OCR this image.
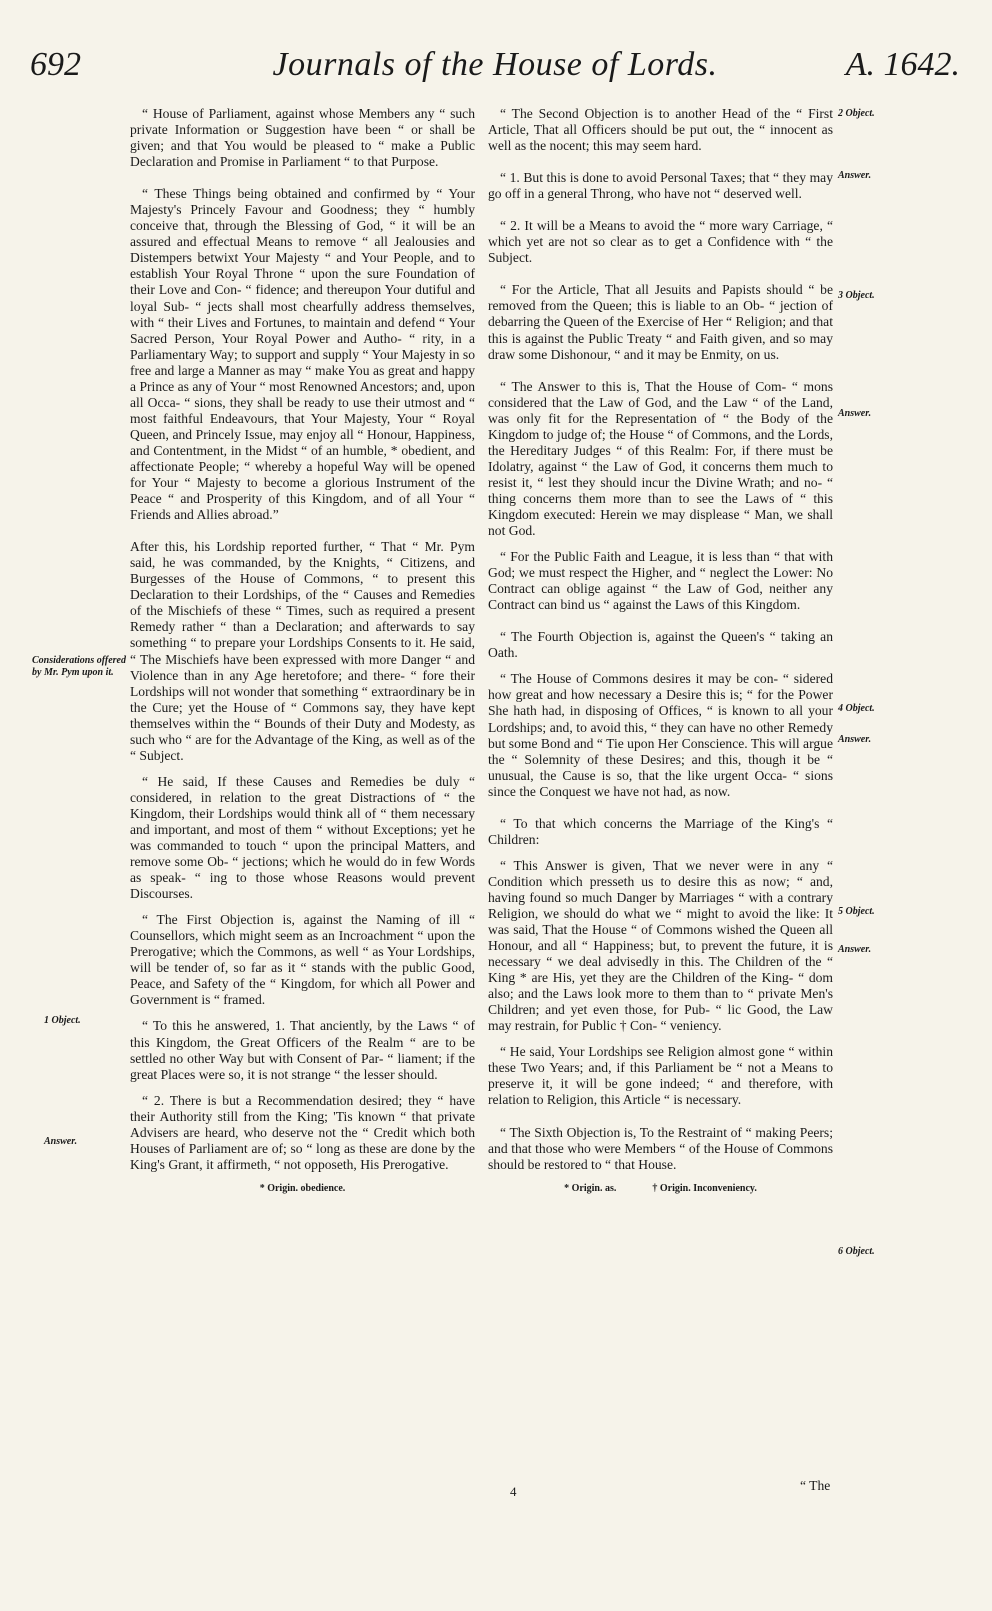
692	Journals of the House of Lords.	A. 1642.
Considerations offered by Mr. Pym upon it.
1 Object.
Answer.

“ House of Parliament, against whose Members any “ such private Information or Suggestion have been “ or shall be given; and that You would be pleased to “ make a Public Declaration and Promise in Parliament “ to that Purpose.

“ These Things being obtained and confirmed by “ Your Majesty's Princely Favour and Goodness; they “ humbly conceive that, through the Blessing of God, “ it will be an assured and effectual Means to remove “ all Jealousies and Distempers betwixt Your Majesty “ and Your People, and to establish Your Royal Throne “ upon the sure Foundation of their Love and Con- “ fidence; and thereupon Your dutiful and loyal Sub- “ jects shall most chearfully address themselves, with “ their Lives and Fortunes, to maintain and defend “ Your Sacred Person, Your Royal Power and Autho- “ rity, in a Parliamentary Way; to support and supply “ Your Majesty in so free and large a Manner as may “ make You as great and happy a Prince as any of Your “ most Renowned Ancestors; and, upon all Occa- “ sions, they shall be ready to use their utmost and “ most faithful Endeavours, that Your Majesty, Your “ Royal Queen, and Princely Issue, may enjoy all “ Honour, Happiness, and Contentment, in the Midst “ of an humble, * obedient, and affectionate People; “ whereby a hopeful Way will be opened for Your “ Majesty to become a glorious Instrument of the Peace “ and Prosperity of this Kingdom, and of all Your “ Friends and Allies abroad.”

After this, his Lordship reported further, “ That “ Mr. Pym said, he was commanded, by the Knights, “ Citizens, and Burgesses of the House of Commons, “ to present this Declaration to their Lordships, of the “ Causes and Remedies of the Mischiefs of these “ Times, such as required a present Remedy rather “ than a Declaration; and afterwards to say something “ to prepare your Lordships Consents to it. He said, “ The Mischiefs have been expressed with more Danger “ and Violence than in any Age heretofore; and there- “ fore their Lordships will not wonder that something “ extraordinary be in the Cure; yet the House of “ Commons say, they have kept themselves within the “ Bounds of their Duty and Modesty, as such who “ are for the Advantage of the King, as well as of the “ Subject.

“ He said, If these Causes and Remedies be duly “ considered, in relation to the great Distractions of “ the Kingdom, their Lordships would think all of “ them necessary and important, and most of them “ without Exceptions; yet he was commanded to touch “ upon the principal Matters, and remove some Ob- “ jections; which he would do in few Words as speak- “ ing to those whose Reasons would prevent Discourses.

“ The First Objection is, against the Naming of ill “ Counsellors, which might seem as an Incroachment “ upon the Prerogative; which the Commons, as well “ as Your Lordships, will be tender of, so far as it “ stands with the public Good, Peace, and Safety of the “ Kingdom, for which all Power and Government is “ framed.

“ To this he answered, 1. That anciently, by the Laws “ of this Kingdom, the Great Officers of the Realm “ are to be settled no other Way but with Consent of Par- “ liament; if the great Places were so, it is not strange “ the lesser should.

“ 2. There is but a Recommendation desired; they “ have their Authority still from the King; 'Tis known “ that private Advisers are heard, who deserve not the “ Credit which both Houses of Parliament are of; so “ long as these are done by the King's Grant, it affirmeth, “ not opposeth, His Prerogative.

* Origin. obedience.
2 Object.
Answer.
3 Object.
Answer.
4 Object.
Answer.
5 Object.
Answer.
6 Object.

“ The Second Objection is to another Head of the “ First Article, That all Officers should be put out, the “ innocent as well as the nocent; this may seem hard.

“ 1. But this is done to avoid Personal Taxes; that “ they may go off in a general Throng, who have not “ deserved well.

“ 2. It will be a Means to avoid the “ more wary Carriage, “ which yet are not so clear as to get a Confidence with “ the Subject.

“ For the Article, That all Jesuits and Papists should “ be removed from the Queen; this is liable to an Ob- “ jection of debarring the Queen of the Exercise of Her “ Religion; and that this is against the Public Treaty “ and Faith given, and so may draw some Dishonour, “ and it may be Enmity, on us.

“ The Answer to this is, That the House of Com- “ mons considered that the Law of God, and the Law “ of the Land, was only fit for the Representation of “ the Body of the Kingdom to judge of; the House “ of Commons, and the Lords, the Hereditary Judges “ of this Realm: For, if there must be Idolatry, against “ the Law of God, it concerns them much to resist it, “ lest they should incur the Divine Wrath; and no- “ thing concerns them more than to see the Laws of “ this Kingdom executed: Herein we may displease “ Man, we shall not God.

“ For the Public Faith and League, it is less than “ that with God; we must respect the Higher, and “ neglect the Lower: No Contract can oblige against “ the Law of God, neither any Contract can bind us “ against the Laws of this Kingdom.

“ The Fourth Objection is, against the Queen's “ taking an Oath.

“ The House of Commons desires it may be con- “ sidered how great and how necessary a Desire this is; “ for the Power She hath had, in disposing of Offices, “ is known to all your Lordships; and, to avoid this, “ they can have no other Remedy but some Bond and “ Tie upon Her Conscience. This will argue the “ Solemnity of these Desires; and this, though it be “ unusual, the Cause is so, that the like urgent Occa- “ sions since the Conquest we have not had, as now.

“ To that which concerns the Marriage of the King's “ Children:

“ This Answer is given, That we never were in any “ Condition which presseth us to desire this as now; “ and, having found so much Danger by Marriages “ with a contrary Religion, we should do what we “ might to avoid the like: It was said, That the House “ of Commons wished the Queen all Honour, and all “ Happiness; but, to prevent the future, it is necessary “ we deal advisedly in this. The Children of the “ King * are His, yet they are the Children of the King- “ dom also; and the Laws look more to them than to “ private Men's Children; and yet even those, for Pub- “ lic Good, the Law may restrain, for Public † Con- “ veniency.

“ He said, Your Lordships see Religion almost gone “ within these Two Years; and, if this Parliament be “ not a Means to preserve it, it will be gone indeed; “ and therefore, with relation to Religion, this Article “ is necessary.

“ The Sixth Objection is, To the Restraint of “ making Peers; and that those who were Members “ of the House of Commons should be restored to “ that House.

* Origin. as.	† Origin. Inconveniency.
4	“ The
